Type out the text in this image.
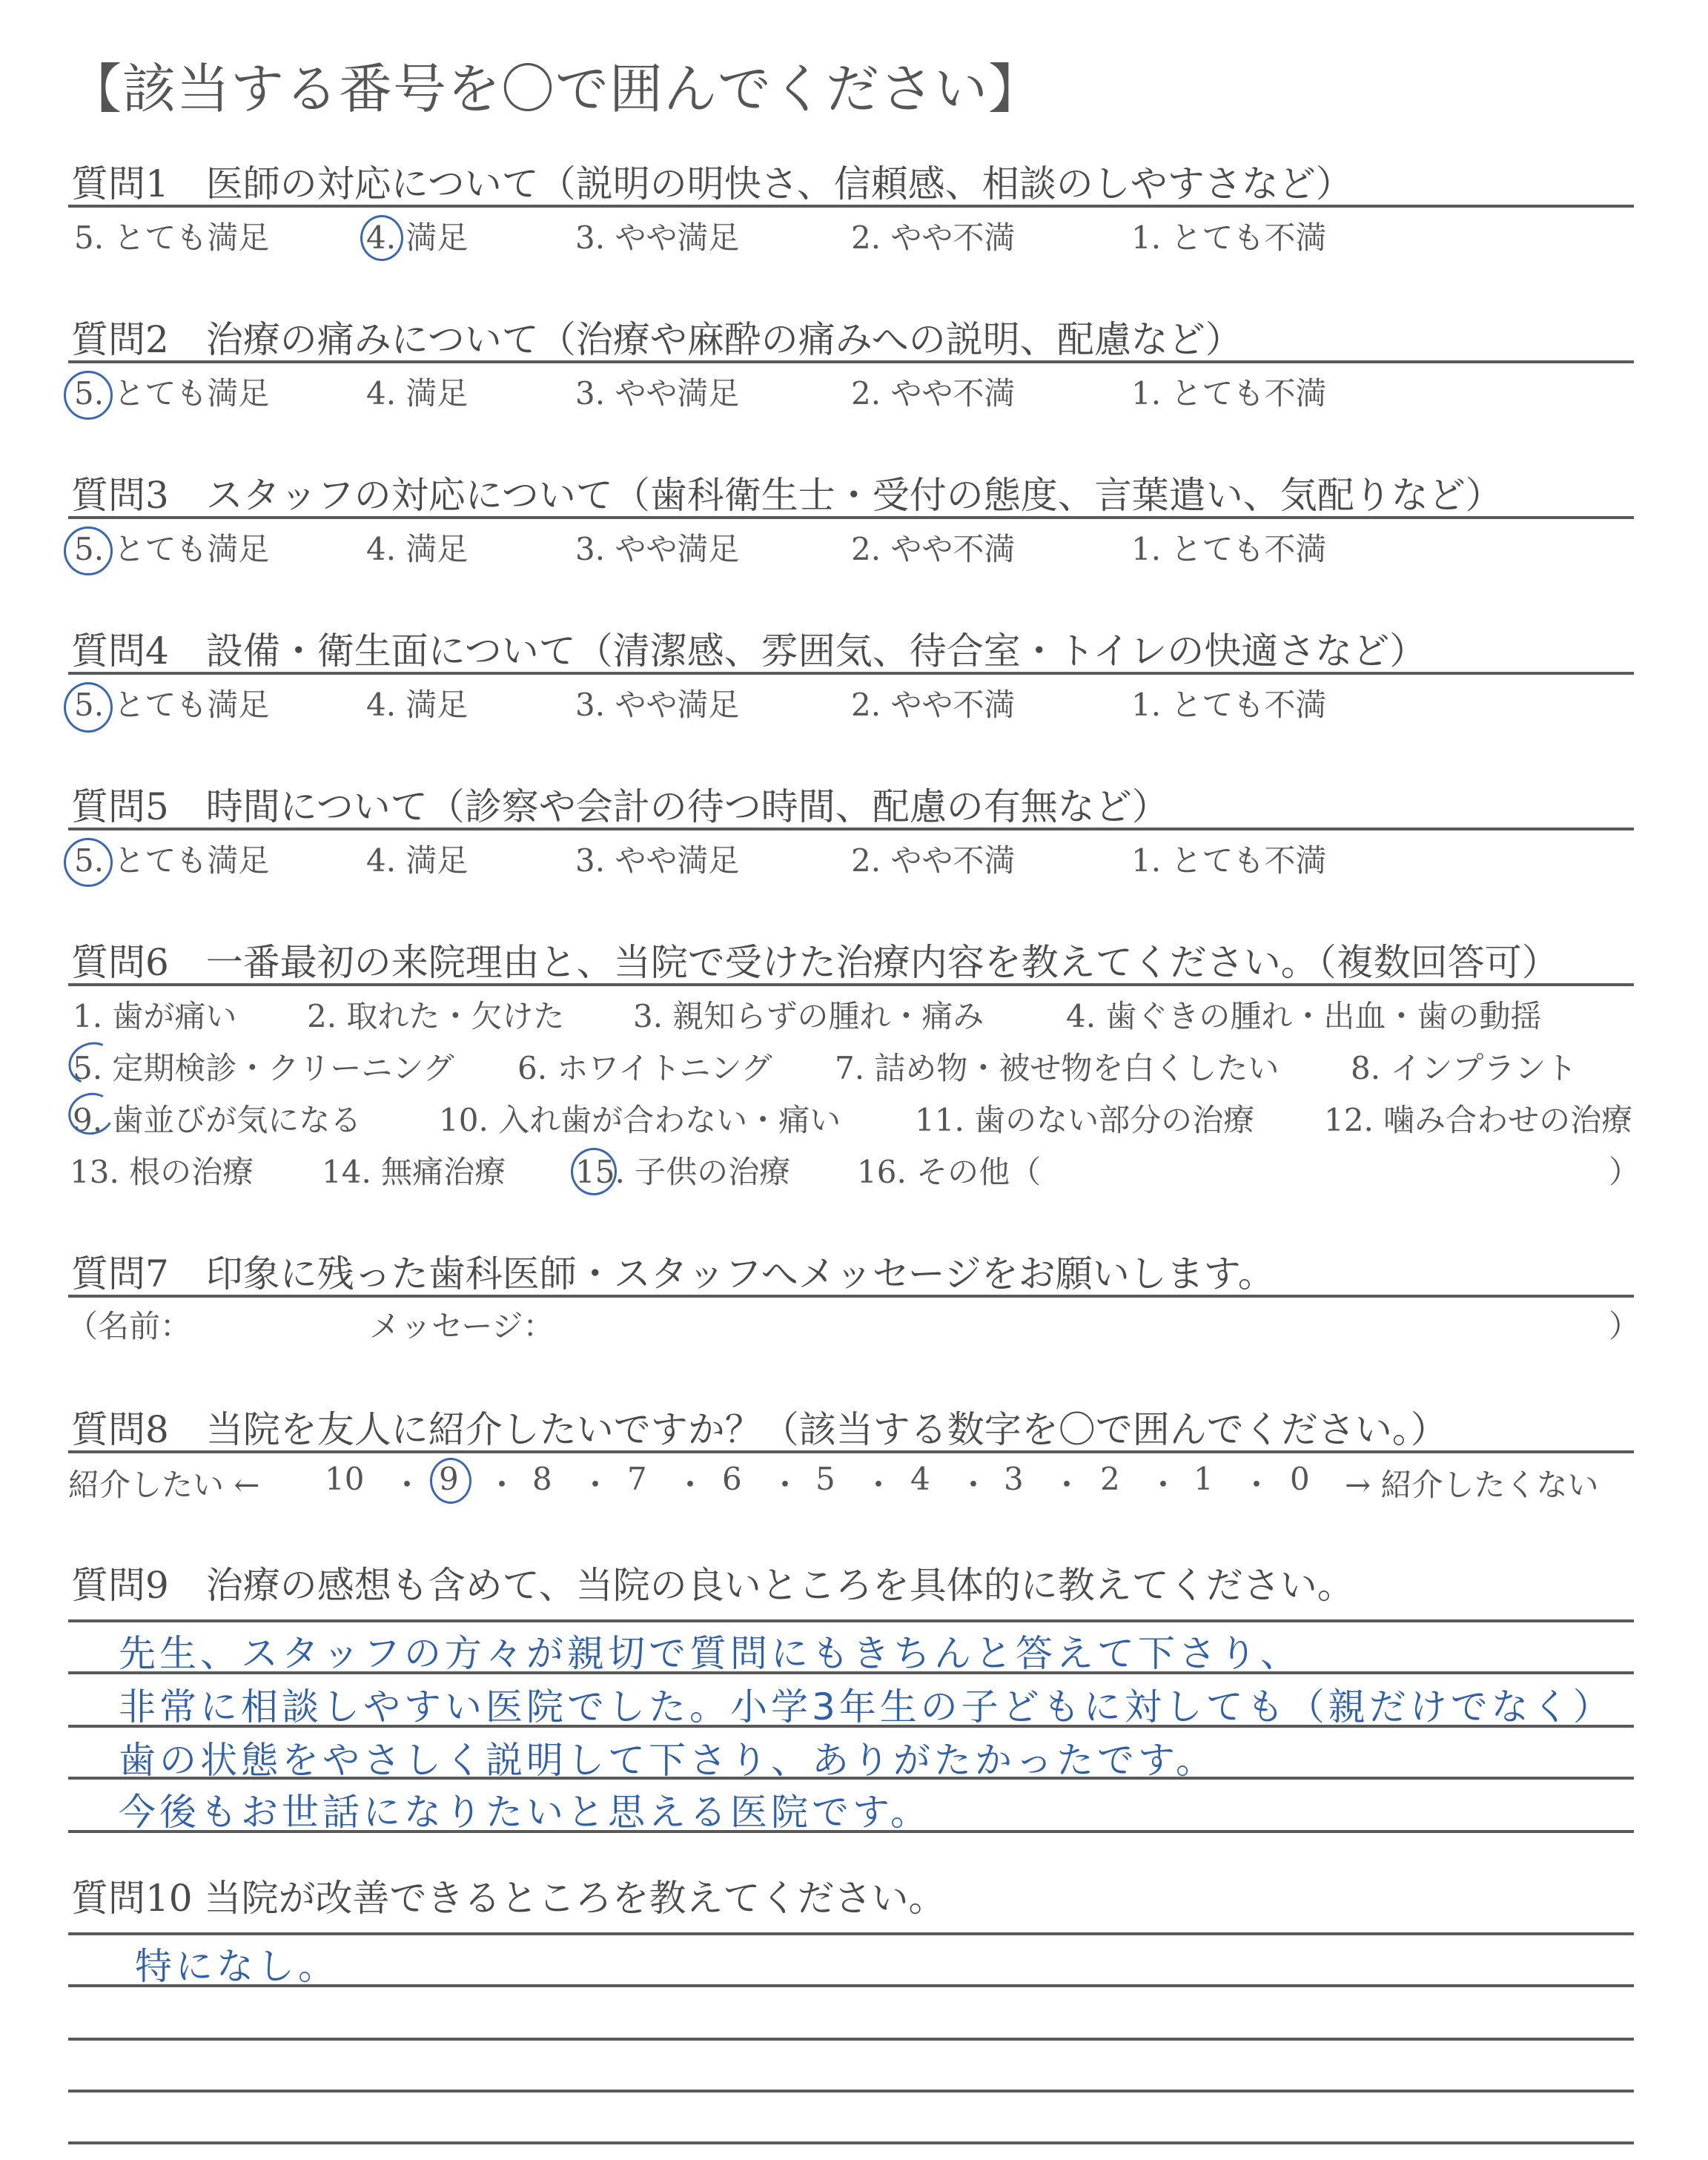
【該当する番号を〇で囲んでください】
質問1　医師の対応について（説明の明快さ、信頼感、相談のしやすさなど）
5. とても満足	4. 満足	3. やや満足	2. やや不満	1. とても不満
質問2　治療の痛みについて（治療や麻酔の痛みへの説明、配慮など）
5. とても満足	4. 満足	3. やや満足	2. やや不満	1. とても不満
質問3　スタッフの対応について（歯科衛生士・受付の態度、言葉遣い、気配りなど）
5. とても満足	4. 満足	3. やや満足	2. やや不満	1. とても不満
質問4　設備・衛生面について（清潔感、雰囲気、待合室・トイレの快適さなど）
5. とても満足	4. 満足	3. やや満足	2. やや不満	1. とても不満
質問5　時間について（診察や会計の待つ時間、配慮の有無など）
5. とても満足	4. 満足	3. やや満足	2. やや不満	1. とても不満
質問6　一番最初の来院理由と、当院で受けた治療内容を教えてください。（複数回答可）
1. 歯が痛い 2. 取れた・欠けた 3. 親知らずの腫れ・痛み	4. 歯ぐきの腫れ・出血・歯の動揺
5. 定期検診・クリーニング 6. ホワイトニング 7. 詰め物・被せ物を白くしたい 8. インプラント
9. 歯並びが気になる 10. 入れ歯が合わない・痛い 11. 歯のない部分の治療 12. 噛み合わせの治療
13. 根の治療 14. 無痛治療 15. 子供の治療 16. その他（	）
質問7　印象に残った歯科医師・スタッフへメッセージをお願いします。
（名前：	メッセージ：	）
質問8　当院を友人に紹介したいですか？（該当する数字を〇で囲んでください。）
紹介したい ←	→ 紹介したくない
10 ・ 9 ・ 8 ・ 7 ・ 6 ・ 5 ・ 4 ・ 3 ・ 2 ・ 1 ・ 0
質問9　治療の感想も含めて、当院の良いところを具体的に教えてください。
先生、スタッフの方々が親切で質問にもきちんと答えて下さり、
非常に相談しやすい医院でした。小学3年生の子どもに対しても（親だけでなく）
歯の状態をやさしく説明して下さり、ありがたかったです。
今後もお世話になりたいと思える医院です。
質問10 当院が改善できるところを教えてください。
特になし。
